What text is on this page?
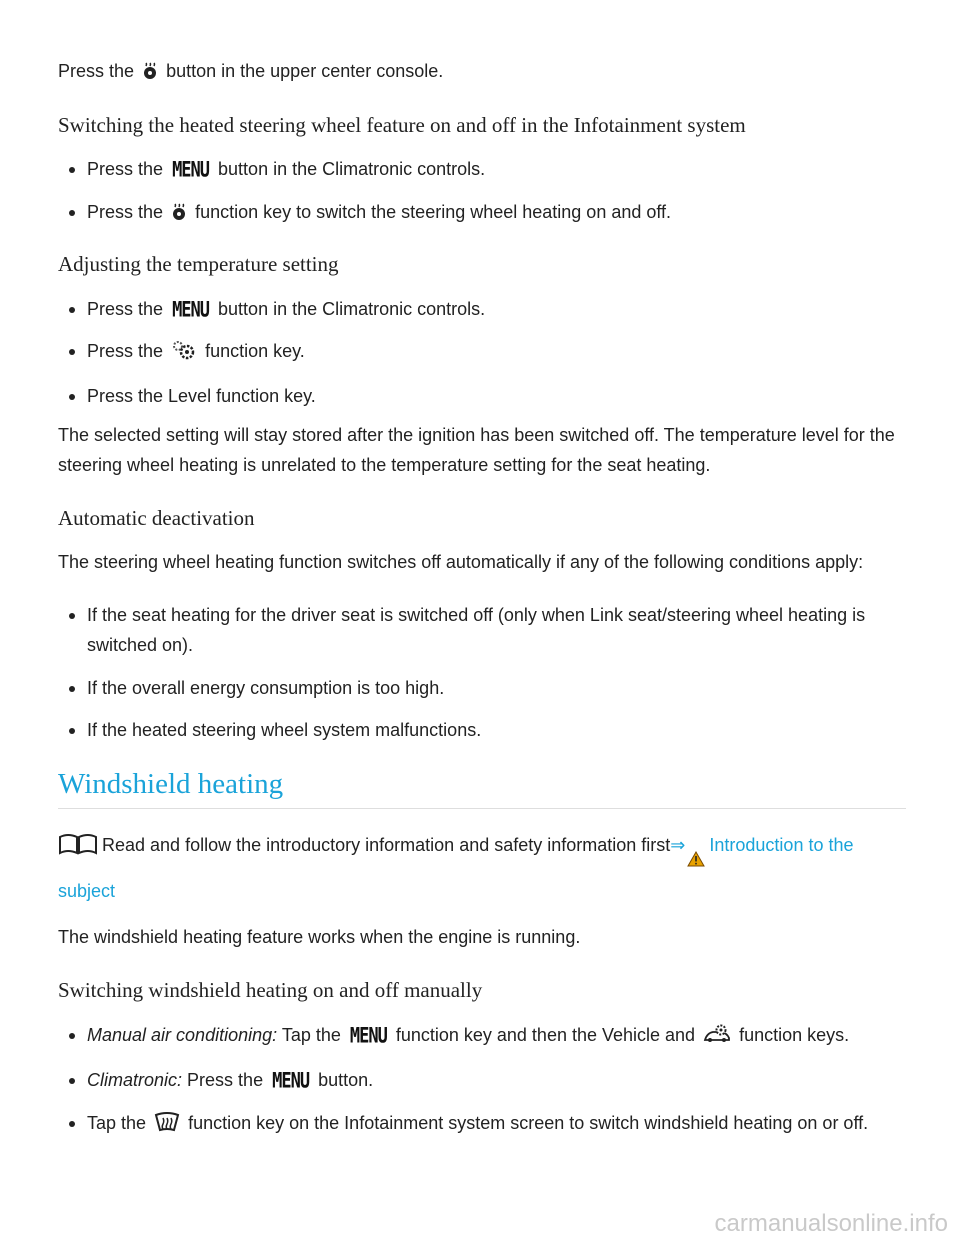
Press the button in the upper center console.

Switching the heated steering wheel feature on and off in the Infotainment system
Press the MENU button in the Climatronic controls.
Press the function key to switch the steering wheel heating on and off.
Adjusting the temperature setting
Press the MENU button in the Climatronic controls.
Press the function key.
Press the Level function key.

The selected setting will stay stored after the ignition has been switched off. The temperature level for the steering wheel heating is unrelated to the temperature setting for the seat heating.

Automatic deactivation

The steering wheel heating function switches off automatically if any of the following conditions apply:

If the seat heating for the driver seat is switched off (only when Link seat/steering wheel heating is switched on).
If the overall energy consumption is too high.
If the heated steering wheel system malfunctions.
Windshield heating

Read and follow the introductory information and safety information first⇒ Introduction to the subject

The windshield heating feature works when the engine is running.

Switching windshield heating on and off manually
Manual air conditioning: Tap the MENU function key and then the Vehicle and function keys.
Climatronic: Press the MENU button.
Tap the function key on the Infotainment system screen to switch windshield heating on or off.
carmanualsonline.info
